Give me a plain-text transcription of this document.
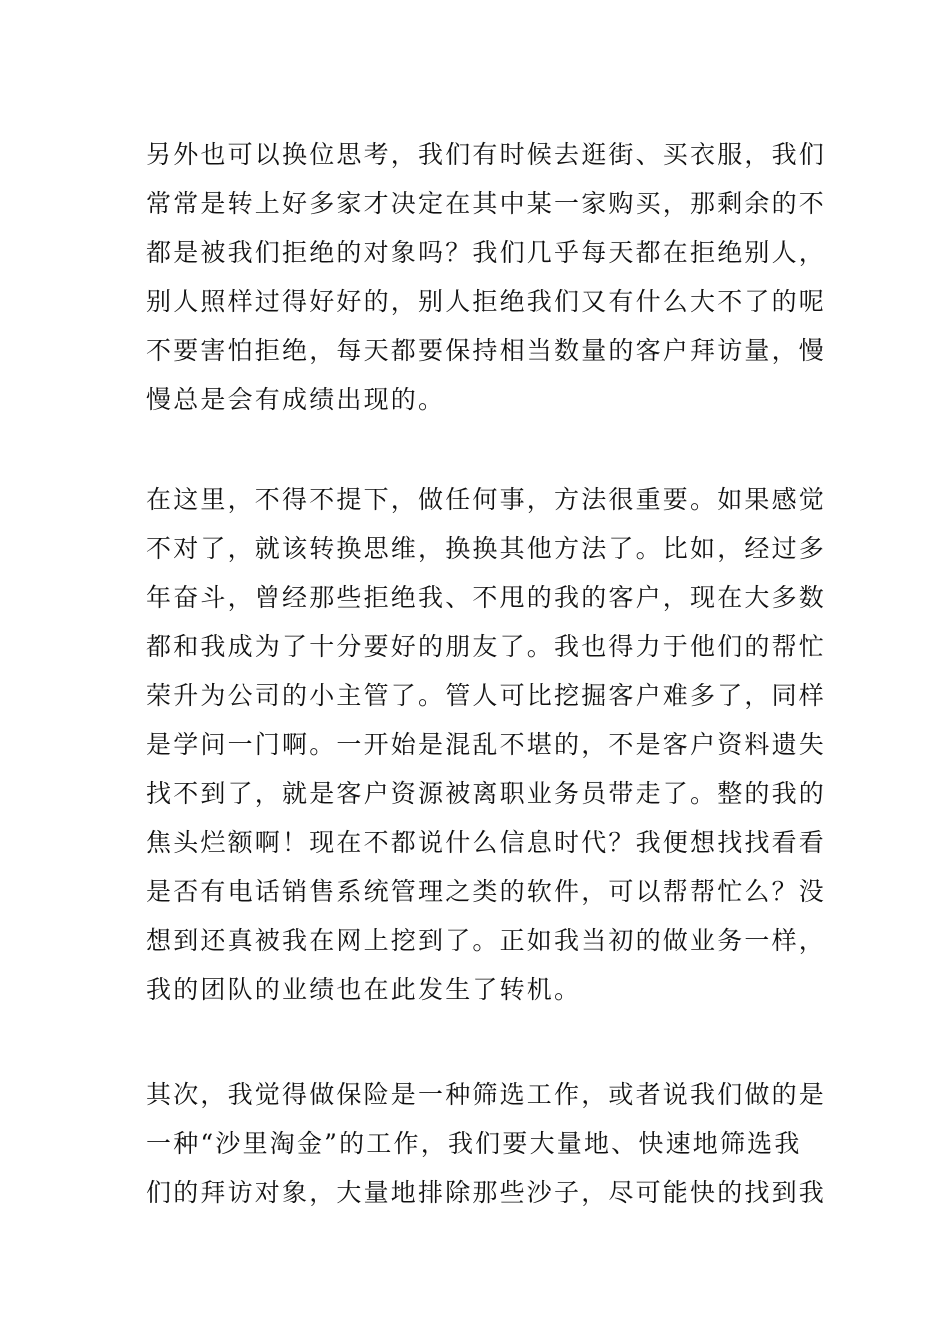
另外也可以换位思考，我们有时候去逛街、买衣服，我们
常常是转上好多家才决定在其中某一家购买，那剩余的不
都是被我们拒绝的对象吗？我们几乎每天都在拒绝别人，
别人照样过得好好的，别人拒绝我们又有什么大不了的呢
不要害怕拒绝，每天都要保持相当数量的客户拜访量，慢
慢总是会有成绩出现的。

在这里，不得不提下，做任何事，方法很重要。如果感觉
不对了，就该转换思维，换换其他方法了。比如，经过多
年奋斗，曾经那些拒绝我、不甩的我的客户，现在大多数
都和我成为了十分要好的朋友了。我也得力于他们的帮忙
荣升为公司的小主管了。管人可比挖掘客户难多了，同样
是学问一门啊。一开始是混乱不堪的，不是客户资料遗失
找不到了，就是客户资源被离职业务员带走了。整的我的
焦头烂额啊！现在不都说什么信息时代？我便想找找看看
是否有电话销售系统管理之类的软件，可以帮帮忙么？没
想到还真被我在网上挖到了。正如我当初的做业务一样，
我的团队的业绩也在此发生了转机。

其次，我觉得做保险是一种筛选工作，或者说我们做的是
一种“沙里淘金”的工作，我们要大量地、快速地筛选我
们的拜访对象，大量地排除那些沙子，尽可能快的找到我
